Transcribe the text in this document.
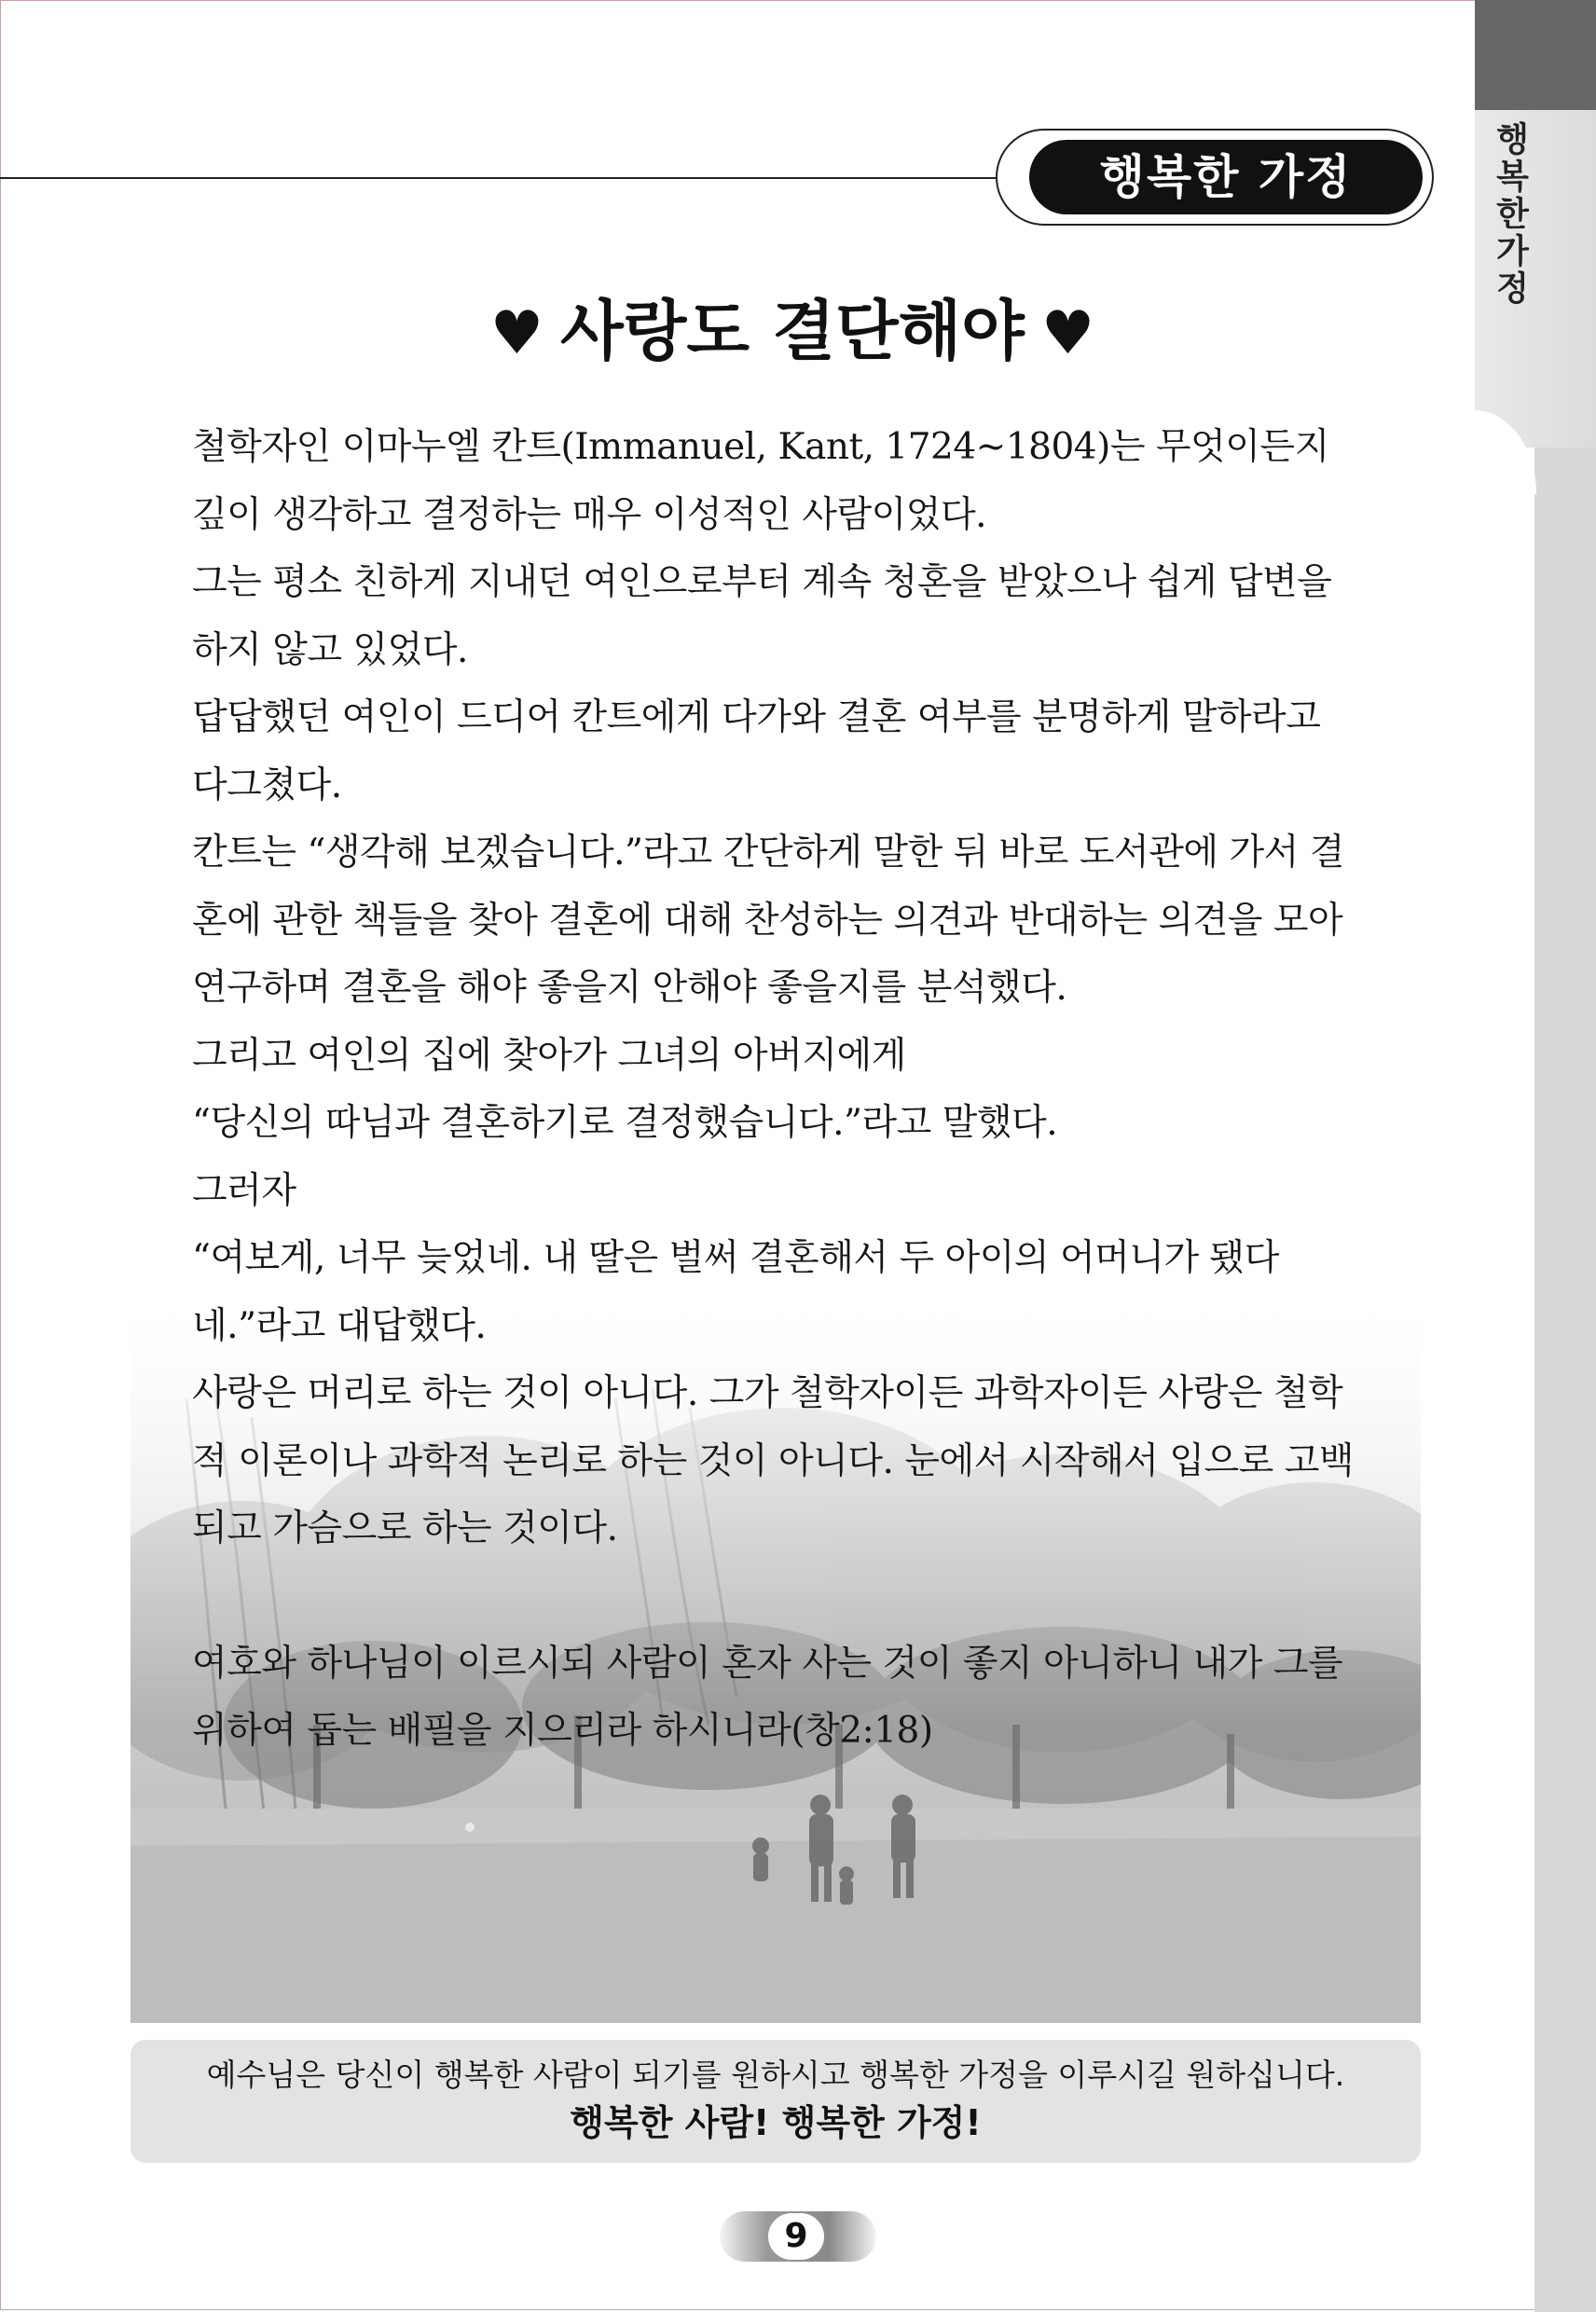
행복한가정
행복한 가정
♥ 사랑도 결단해야 ♥

철학자인 이마누엘 칸트(Immanuel, Kant, 1724~1804)는 무엇이든지 깊이 생각하고 결정하는 매우 이성적인 사람이었다.

그는 평소 친하게 지내던 여인으로부터 계속 청혼을 받았으나 쉽게 답변을 하지 않고 있었다.

답답했던 여인이 드디어 칸트에게 다가와 결혼 여부를 분명하게 말하라고 다그쳤다.

칸트는 “생각해 보겠습니다.”라고 간단하게 말한 뒤 바로 도서관에 가서 결혼에 관한 책들을 찾아 결혼에 대해 찬성하는 의견과 반대하는 의견을 모아 연구하며 결혼을 해야 좋을지 안해야 좋을지를 분석했다.

그리고 여인의 집에 찾아가 그녀의 아버지에게

“당신의 따님과 결혼하기로 결정했습니다.”라고 말했다.

그러자

“여보게, 너무 늦었네. 내 딸은 벌써 결혼해서 두 아이의 어머니가 됐다네.”라고 대답했다.

사랑은 머리로 하는 것이 아니다. 그가 철학자이든 과학자이든 사랑은 철학적 이론이나 과학적 논리로 하는 것이 아니다. 눈에서 시작해서 입으로 고백되고 가슴으로 하는 것이다.

여호와 하나님이 이르시되 사람이 혼자 사는 것이 좋지 아니하니 내가 그를 위하여 돕는 배필을 지으리라 하시니라(창2:18)

예수님은 당신이 행복한 사람이 되기를 원하시고 행복한 가정을 이루시길 원하십니다.
행복한 사람! 행복한 가정!
9
